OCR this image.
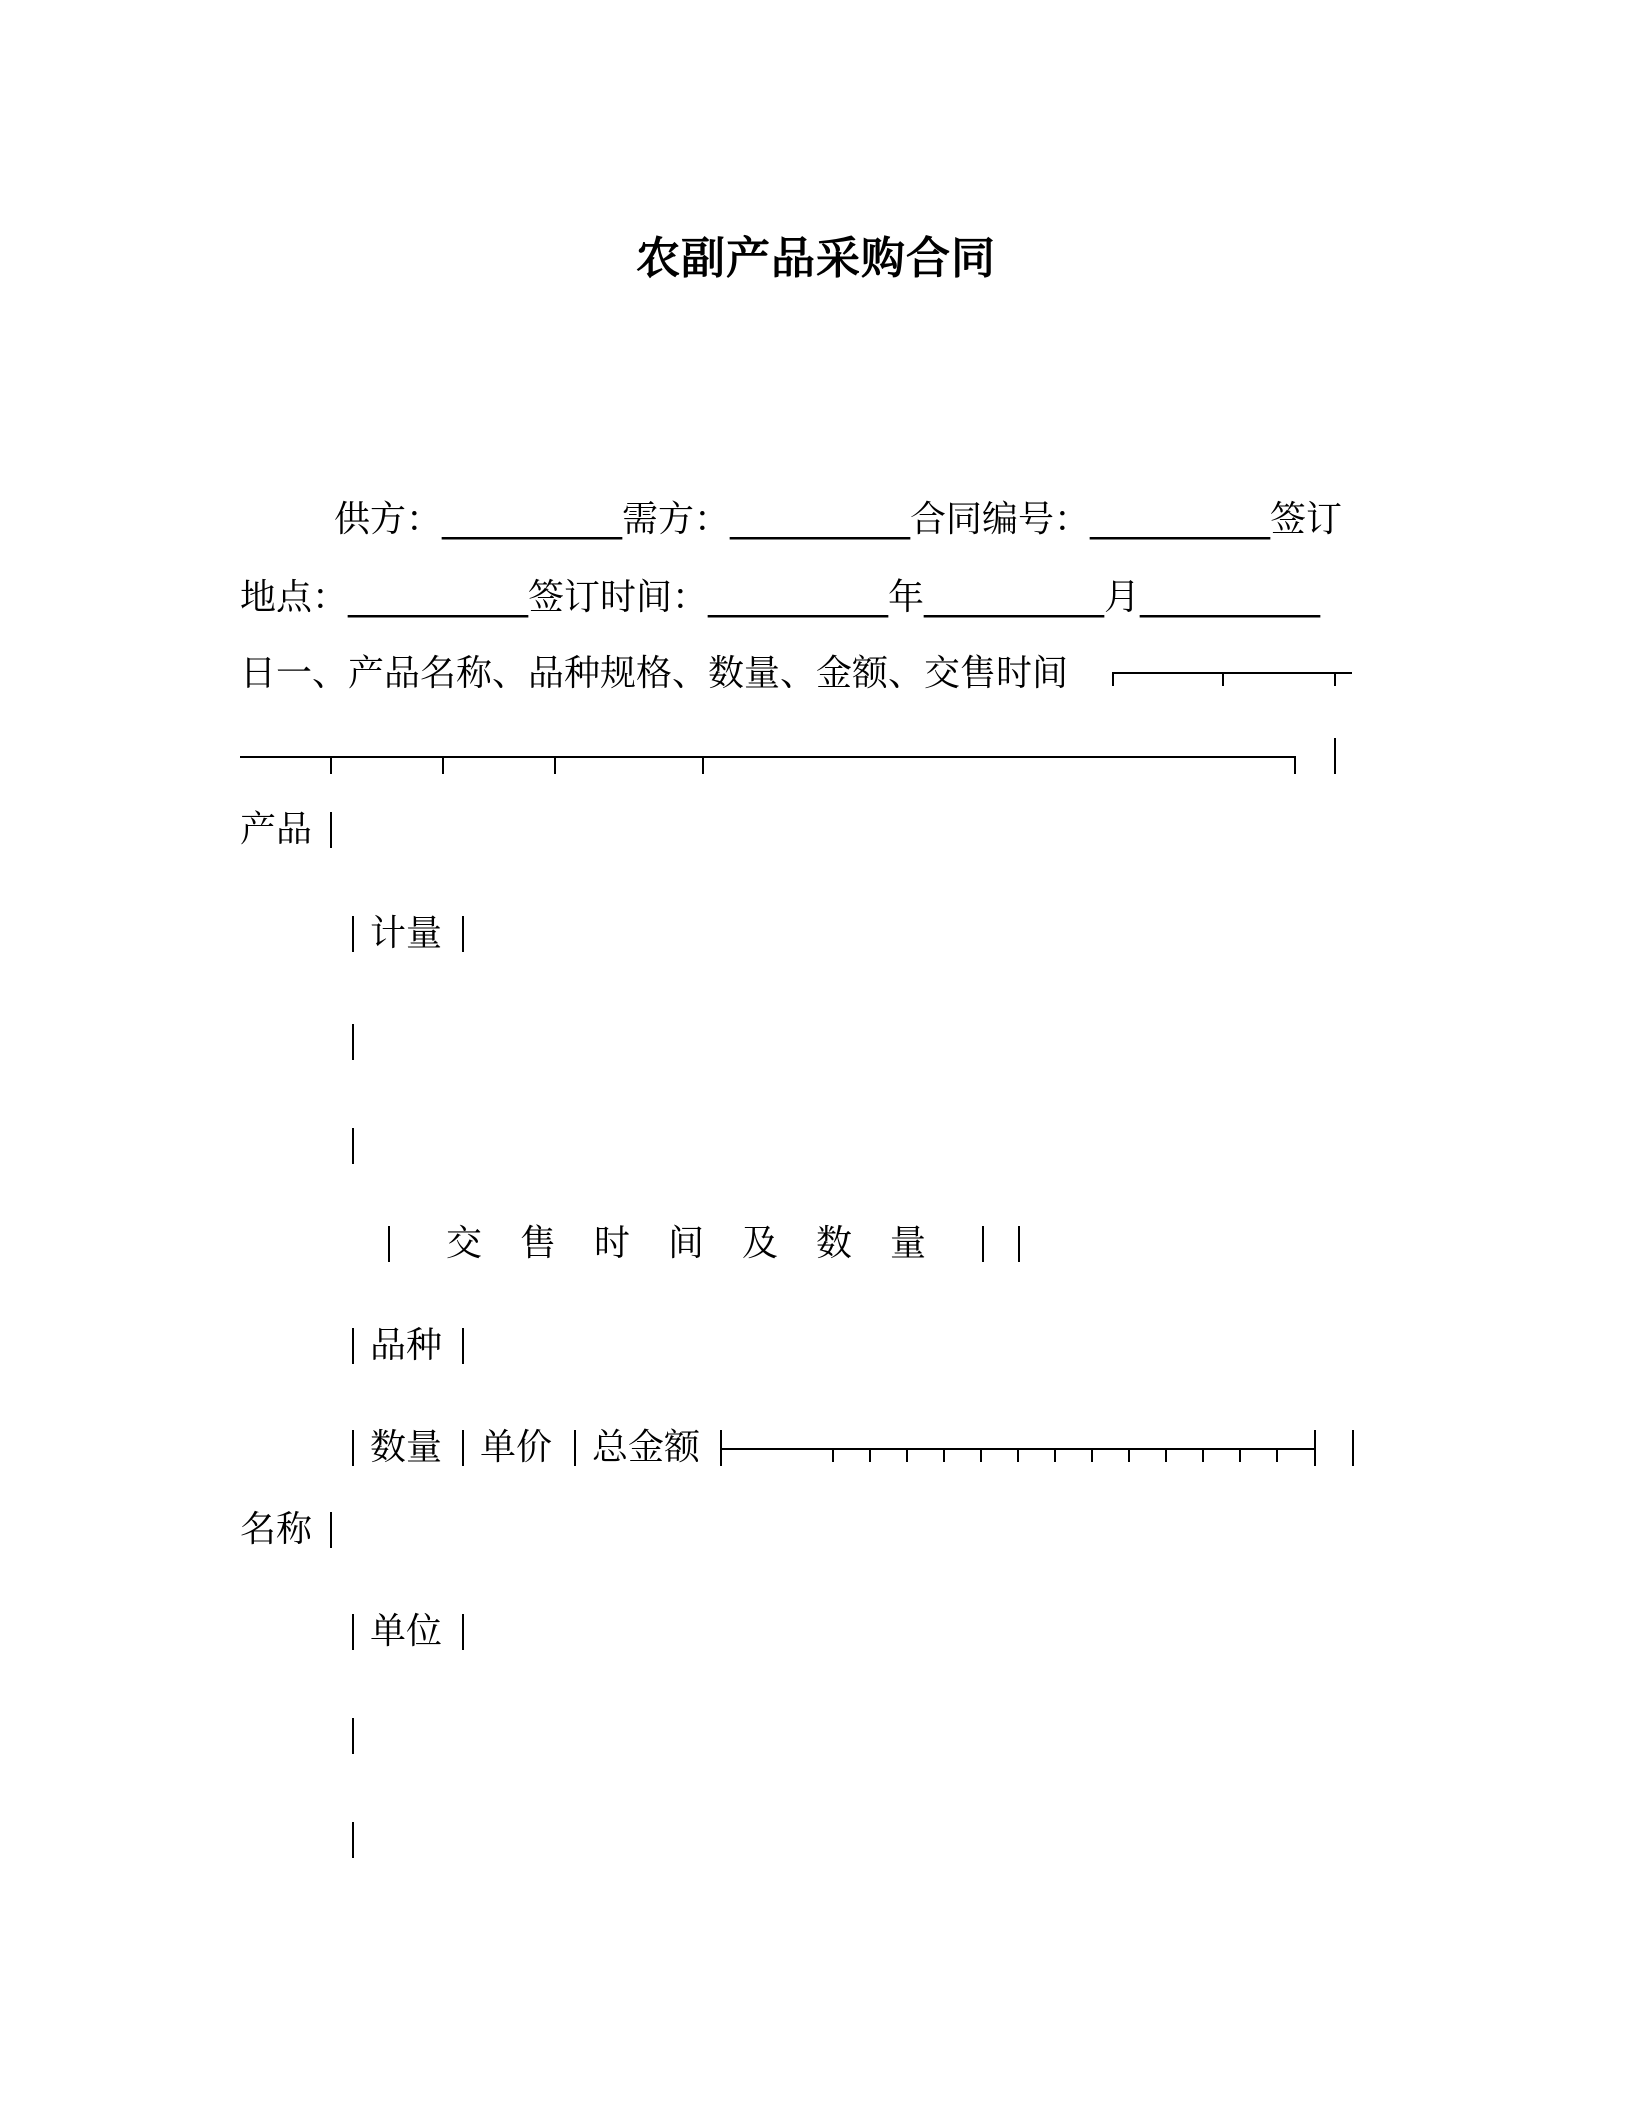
农副产品采购合同
供方：__________需方：__________合同编号：__________签订
地点：__________签订时间：__________年__________月__________
日一、产品名称、品种规格、数量、金额、交售时间
产品
计量
交售时间及数量
品种
数量 单价 总金额
名称
单位
